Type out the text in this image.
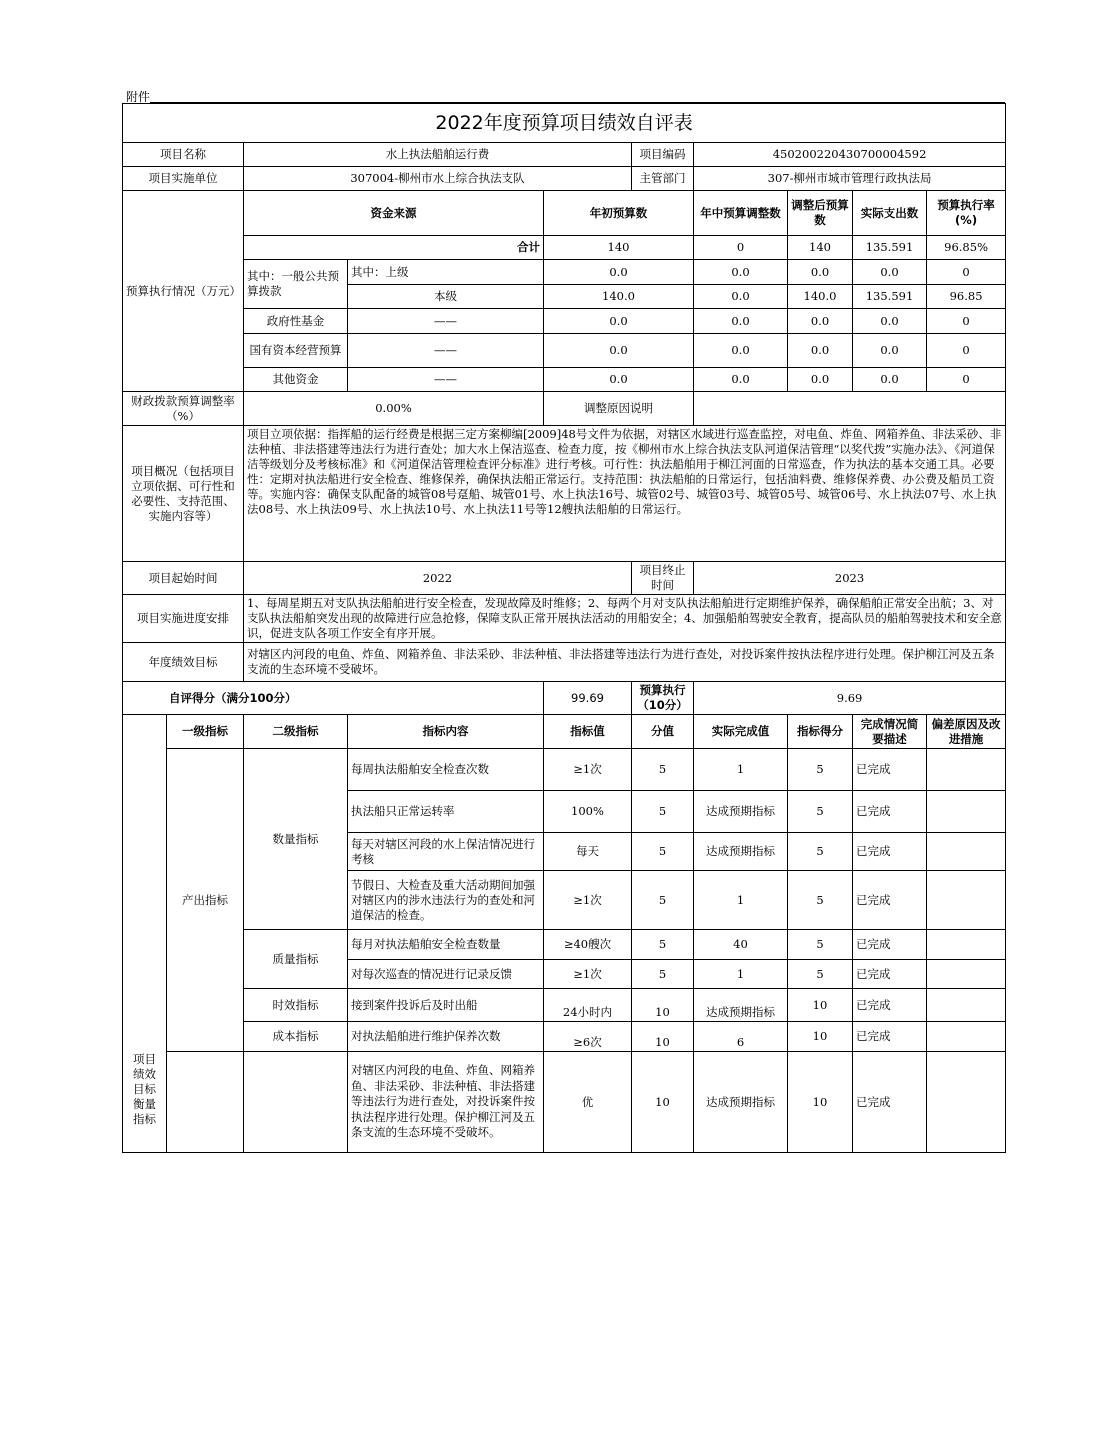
附件
2022年度预算项目绩效自评表									
项目名称		水上执法船舶运行费			项目编码	450200220430700004592			
项目实施单位		307004-柳州市水上综合执法支队			主管部门	307-柳州市城市管理行政执法局			
预算执行情况（万元）		资金来源		年初预算数		年中预算调整数	调整后预算数	实际支出数	预算执行率(%)
		合计		140		0	140	135.591	96.85%
		其中：一般公共预算拨款	其中：上级	0.0		0.0	0.0	0.0	0
			本级	140.0		0.0	140.0	135.591	96.85
		政府性基金	——	0.0		0.0	0.0	0.0	0
		国有资本经营预算	——	0.0		0.0	0.0	0.0	0
		其他资金	——	0.0		0.0	0.0	0.0	0
财政拨款预算调整率（%）		0.00%		调整原因说明					
项目概况（包括项目立项依据、可行性和必要性、支持范围、实施内容等）		项目立项依据：指挥船的运行经费是根据三定方案柳编[2009]48号文件为依据，对辖区水域进行巡查监控，对电鱼、炸鱼、网箱养鱼、非法采砂、非法种植、非法搭建等违法行为进行查处；加大水上保洁巡查、检查力度，按《柳州市水上综合执法支队河道保洁管理“以奖代拨”实施办法》、《河道保洁等级划分及考核标准》和《河道保洁管理检查评分标准》进行考核。可行性：执法船舶用于柳江河面的日常巡查，作为执法的基本交通工具。必要性：定期对执法船进行安全检查、维修保养，确保执法船正常运行。支持范围：执法船舶的日常运行，包括油料费、维修保养费、办公费及船员工资等。实施内容：确保支队配备的城管08号趸船、城管01号、水上执法16号、城管02号、城管03号、城管05号、城管06号、水上执法07号、水上执法08号、水上执法09号、水上执法10号、水上执法11号等12艘执法船舶的日常运行。							
项目起始时间		2022			项目终止时间	2023			
项目实施进度安排		1、每周星期五对支队执法船舶进行安全检查，发现故障及时维修；2、每两个月对支队执法船舶进行定期维护保养，确保船舶正常安全出航；3、对支队执法船舶突发出现的故障进行应急抢修，保障支队正常开展执法活动的用船安全；4、加强船舶驾驶安全教育，提高队员的船舶驾驶技术和安全意识，促进支队各项工作安全有序开展。							
年度绩效目标		对辖区内河段的电鱼、炸鱼、网箱养鱼、非法采砂、非法种植、非法搭建等违法行为进行查处，对投诉案件按执法程序进行处理。保护柳江河及五条支流的生态环境不受破坏。							
自评得分（满分100分）				99.69	预算执行（10分）	9.69			

项目绩效目标衡量指标	一级指标	二级指标	指标内容	指标值	分值	实际完成值	指标得分	完成情况简要描述	偏差原因及改进措施
	产出指标	数量指标	每周执法船舶安全检查次数	≥1次	5	1	5	已完成	
			执法船只正常运转率	100%	5	达成预期指标	5	已完成	
			每天对辖区河段的水上保洁情况进行考核	每天	5	达成预期指标	5	已完成	
			节假日、大检查及重大活动期间加强对辖区内的涉水违法行为的查处和河道保洁的检查。	≥1次	5	1	5	已完成	
		质量指标	每月对执法船舶安全检查数量	≥40艘次	5	40	5	已完成	
			对每次巡查的情况进行记录反馈	≥1次	5	1	5	已完成	
		时效指标	接到案件投诉后及时出船	24小时内	10	达成预期指标	10	已完成	
		成本指标	对执法船舶进行维护保养次数	≥6次	10	6	10	已完成	
			对辖区内河段的电鱼、炸鱼、网箱养鱼、非法采砂、非法种植、非法搭建等违法行为进行查处，对投诉案件按执法程序进行处理。保护柳江河及五条支流的生态环境不受破坏。	优	10	达成预期指标	10	已完成	
